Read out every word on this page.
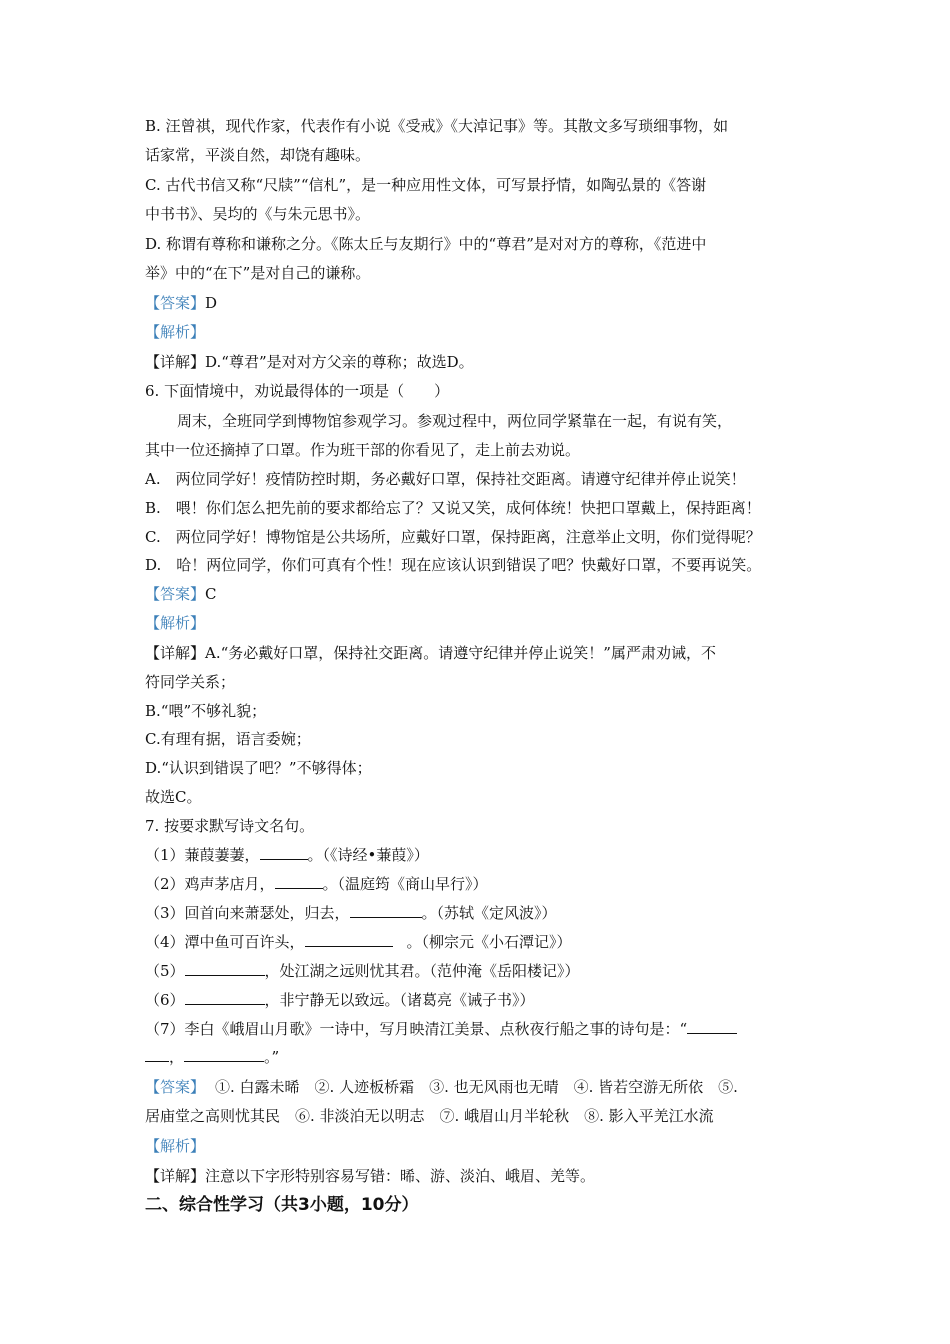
B. 汪曾祺，现代作家，代表作有小说《受戒》《大淖记事》等。其散文多写琐细事物，如
话家常，平淡自然，却饶有趣味。
C. 古代书信又称“尺牍”“信札”，是一种应用性文体，可写景抒情，如陶弘景的《答谢
中书书》、吴均的《与朱元思书》。
D. 称谓有尊称和谦称之分。《陈太丘与友期行》中的“尊君”是对对方的尊称，《范进中
举》中的“在下”是对自己的谦称。
【答案】D
【解析】
【详解】D.“尊君”是对对方父亲的尊称；故选D。
6. 下面情境中，劝说最得体的一项是（　　）
周末，全班同学到博物馆参观学习。参观过程中，两位同学紧靠在一起，有说有笑，
其中一位还摘掉了口罩。作为班干部的你看见了，走上前去劝说。
A.　两位同学好！疫情防控时期，务必戴好口罩，保持社交距离。请遵守纪律并停止说笑！
B.　喂！你们怎么把先前的要求都给忘了？又说又笑，成何体统！快把口罩戴上，保持距离！
C.　两位同学好！博物馆是公共场所，应戴好口罩，保持距离，注意举止文明，你们觉得呢？
D.　哈！两位同学，你们可真有个性！现在应该认识到错误了吧？快戴好口罩，不要再说笑。
【答案】C
【解析】
【详解】A.“务必戴好口罩，保持社交距离。请遵守纪律并停止说笑！”属严肃劝诫，不
符同学关系；
B.“喂”不够礼貌；
C.有理有据，语言委婉；
D.“认识到错误了吧？”不够得体；
故选C。
7. 按要求默写诗文名句。
（1）蒹葭萋萋，	。（《诗经•蒹葭》）
（2）鸡声茅店月，	。（温庭筠《商山早行》）
（3）回首向来萧瑟处，归去，	。（苏轼《定风波》）
（4）潭中鱼可百许头，	。（柳宗元《小石潭记》）
（5）	，处江湖之远则忧其君。（范仲淹《岳阳楼记》）
（6）	，非宁静无以致远。（诸葛亮《诫子书》）
（7）李白《峨眉山月歌》一诗中，写月映清江美景、点秋夜行船之事的诗句是：“
，	。”
【答案】 ①. 白露未晞　②. 人迹板桥霜　③. 也无风雨也无晴　④. 皆若空游无所依　⑤.
居庙堂之高则忧其民　⑥. 非淡泊无以明志　⑦. 峨眉山月半轮秋　⑧. 影入平羌江水流
【解析】
【详解】注意以下字形特别容易写错：晞、游、淡泊、峨眉、羌等。
二、综合性学习（共3小题，10分）
